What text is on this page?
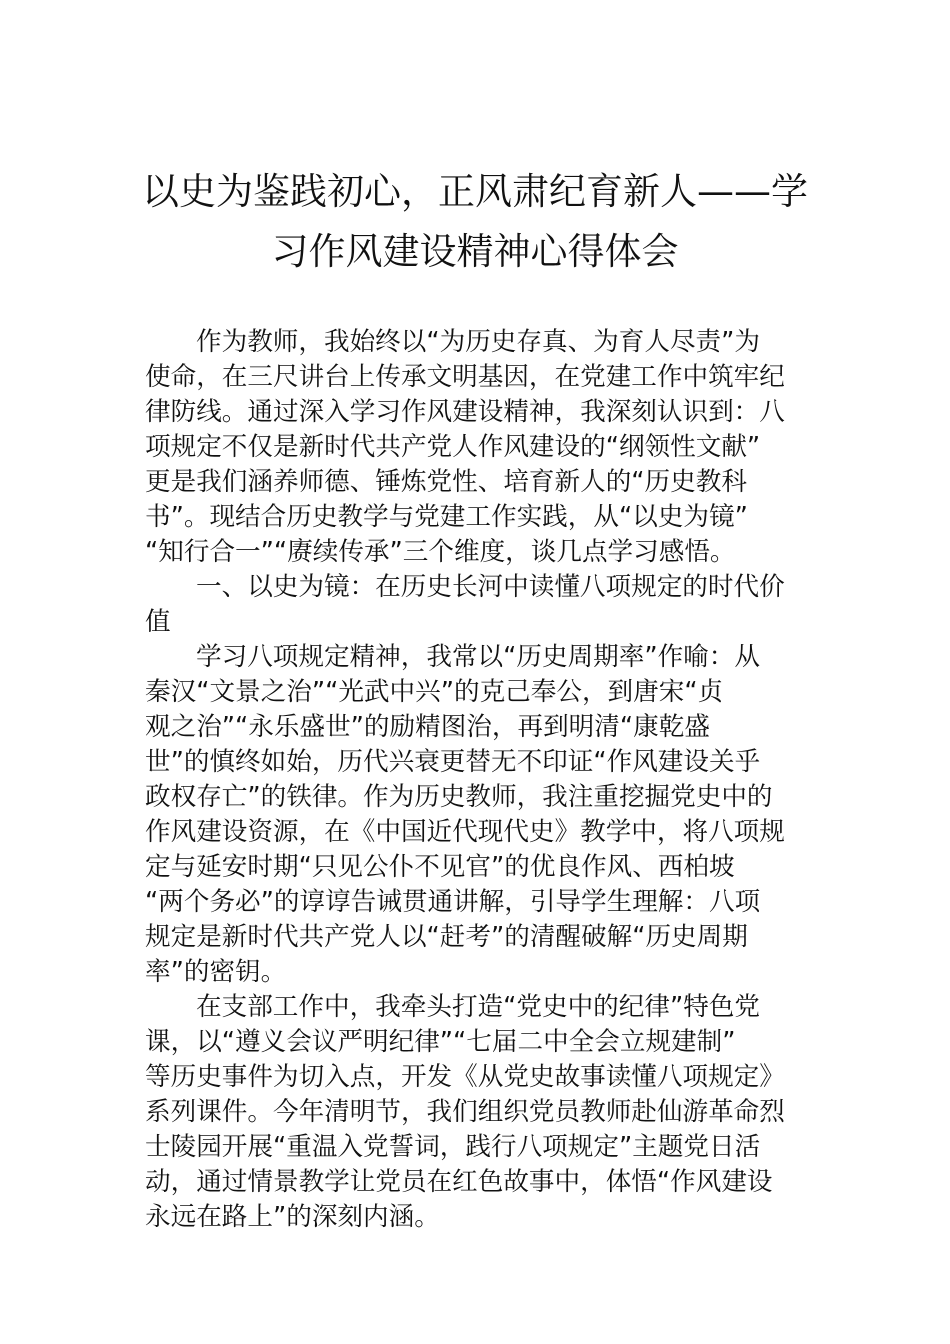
以史为鉴践初心，正风肃纪育新人——学
习作风建设精神心得体会
作为教师，我始终以“为历史存真、为育人尽责”为
使命，在三尺讲台上传承文明基因，在党建工作中筑牢纪
律防线。通过深入学习作风建设精神，我深刻认识到：八
项规定不仅是新时代共产党人作风建设的“纲领性文献”
更是我们涵养师德、锤炼党性、培育新人的“历史教科
书”。现结合历史教学与党建工作实践，从“以史为镜”
“知行合一”“赓续传承”三个维度，谈几点学习感悟。
一、以史为镜：在历史长河中读懂八项规定的时代价
值
学习八项规定精神，我常以“历史周期率”作喻：从
秦汉“文景之治”“光武中兴”的克己奉公，到唐宋“贞
观之治”“永乐盛世”的励精图治，再到明清“康乾盛
世”的慎终如始，历代兴衰更替无不印证“作风建设关乎
政权存亡”的铁律。作为历史教师，我注重挖掘党史中的
作风建设资源，在《中国近代现代史》教学中，将八项规
定与延安时期“只见公仆不见官”的优良作风、西柏坡
“两个务必”的谆谆告诫贯通讲解，引导学生理解：八项
规定是新时代共产党人以“赶考”的清醒破解“历史周期
率”的密钥。
在支部工作中，我牵头打造“党史中的纪律”特色党
课，以“遵义会议严明纪律”“七届二中全会立规建制”
等历史事件为切入点，开发《从党史故事读懂八项规定》
系列课件。今年清明节，我们组织党员教师赴仙游革命烈
士陵园开展“重温入党誓词，践行八项规定”主题党日活
动，通过情景教学让党员在红色故事中，体悟“作风建设
永远在路上”的深刻内涵。
